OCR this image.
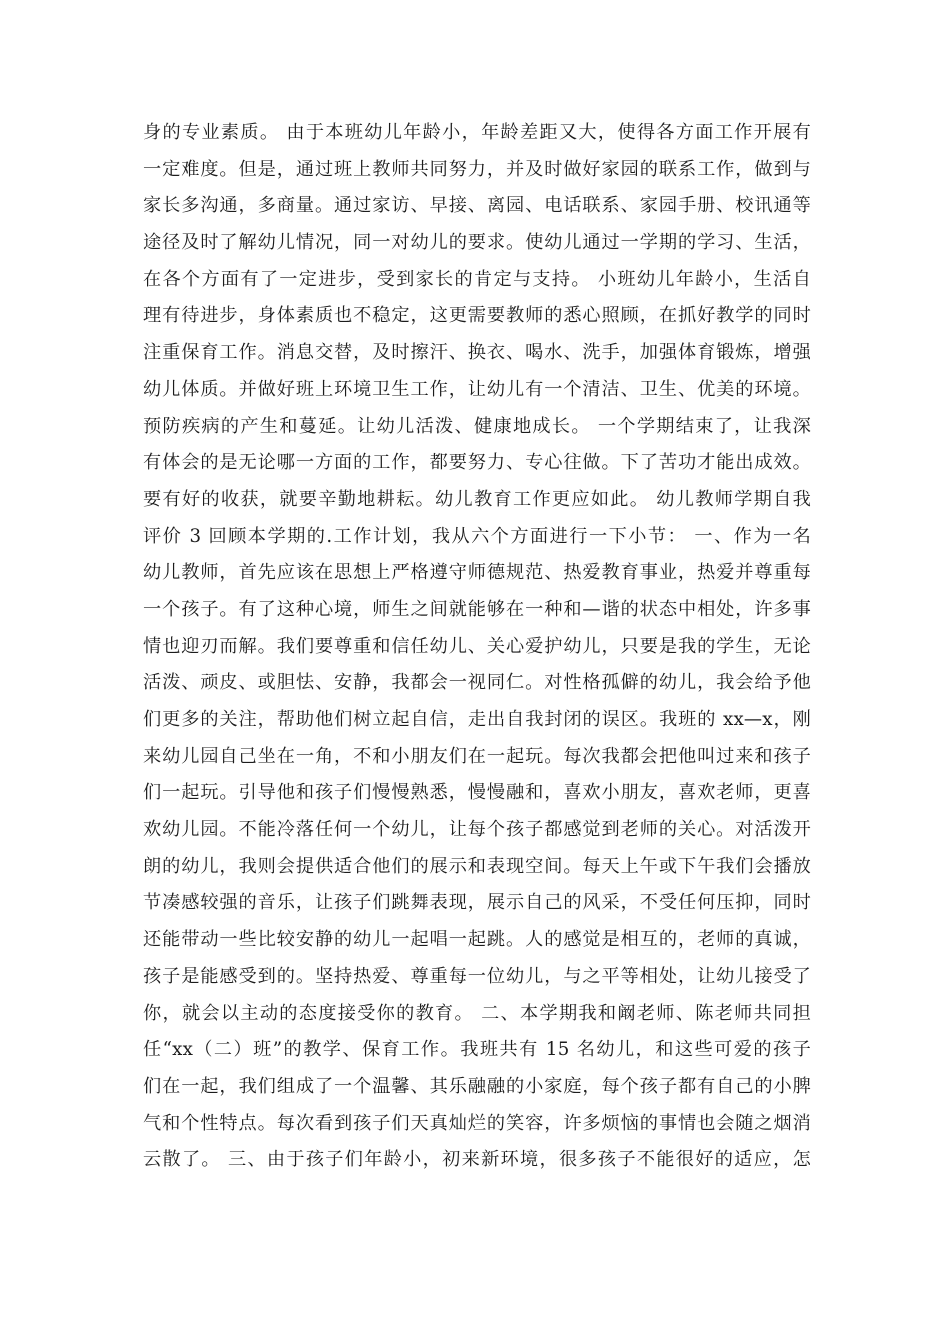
身的专业素质。 由于本班幼儿年龄小，年龄差距又大，使得各方面工作开展有
一定难度。但是，通过班上教师共同努力，并及时做好家园的联系工作，做到与
家长多沟通，多商量。通过家访、早接、离园、电话联系、家园手册、校讯通等
途径及时了解幼儿情况，同一对幼儿的要求。使幼儿通过一学期的学习、生活，
在各个方面有了一定进步，受到家长的肯定与支持。 小班幼儿年龄小，生活自
理有待进步，身体素质也不稳定，这更需要教师的悉心照顾，在抓好教学的同时
注重保育工作。消息交替，及时擦汗、换衣、喝水、洗手，加强体育锻炼，增强
幼儿体质。并做好班上环境卫生工作，让幼儿有一个清洁、卫生、优美的环境。
预防疾病的产生和蔓延。让幼儿活泼、健康地成长。 一个学期结束了，让我深
有体会的是无论哪一方面的工作，都要努力、专心往做。下了苦功才能出成效。
要有好的收获，就要辛勤地耕耘。幼儿教育工作更应如此。 幼儿教师学期自我
评价 3 回顾本学期的.工作计划，我从六个方面进行一下小节： 一、作为一名
幼儿教师，首先应该在思想上严格遵守师德规范、热爱教育事业，热爱并尊重每
一个孩子。有了这种心境，师生之间就能够在一种和—谐的状态中相处，许多事
情也迎刃而解。我们要尊重和信任幼儿、关心爱护幼儿，只要是我的学生，无论
活泼、顽皮、或胆怯、安静，我都会一视同仁。对性格孤僻的幼儿，我会给予他
们更多的关注，帮助他们树立起自信，走出自我封闭的误区。我班的 xx—x，刚
来幼儿园自己坐在一角，不和小朋友们在一起玩。每次我都会把他叫过来和孩子
们一起玩。引导他和孩子们慢慢熟悉，慢慢融和，喜欢小朋友，喜欢老师，更喜
欢幼儿园。不能冷落任何一个幼儿，让每个孩子都感觉到老师的关心。对活泼开
朗的幼儿，我则会提供适合他们的展示和表现空间。每天上午或下午我们会播放
节凑感较强的音乐，让孩子们跳舞表现，展示自己的风采，不受任何压抑，同时
还能带动一些比较安静的幼儿一起唱一起跳。人的感觉是相互的，老师的真诚，
孩子是能感受到的。坚持热爱、尊重每一位幼儿，与之平等相处，让幼儿接受了
你，就会以主动的态度接受你的教育。 二、本学期我和阚老师、陈老师共同担
任“xx（二）班”的教学、保育工作。我班共有 15 名幼儿，和这些可爱的孩子
们在一起，我们组成了一个温馨、其乐融融的小家庭，每个孩子都有自己的小脾
气和个性特点。每次看到孩子们天真灿烂的笑容，许多烦恼的事情也会随之烟消
云散了。 三、由于孩子们年龄小，初来新环境，很多孩子不能很好的适应，怎
